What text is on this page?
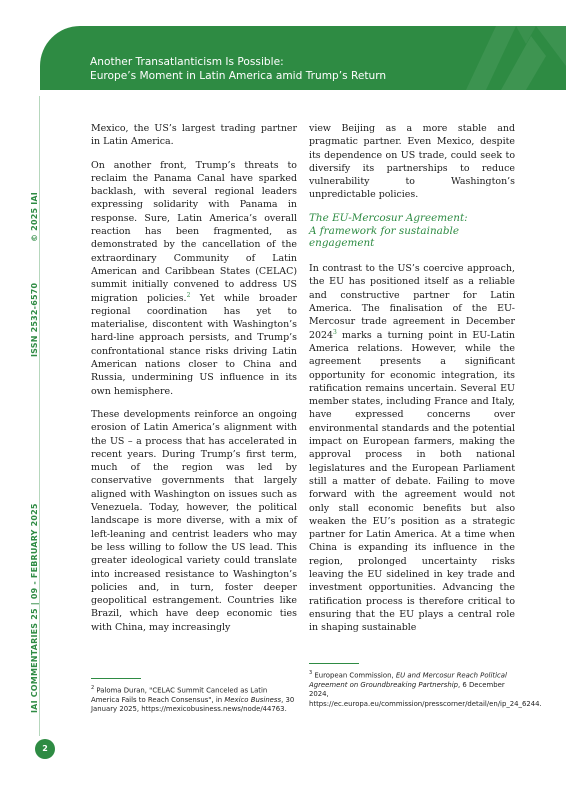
Another Transatlanticism Is Possible:
Europe’s Moment in Latin America amid Trump’s Return
© 2025 IAI
ISSN 2532-6570
IAI COMMENTARIES 25 | 09 - FEBRUARY 2025
2

Mexico, the US’s largest trading partner in Latin America.

On another front, Trump’s threats to reclaim the Panama Canal have sparked backlash, with several regional leaders expressing solidarity with Panama in response. Sure, Latin America’s overall reaction has been fragmented, as demonstrated by the cancellation of the extraordinary Community of Latin American and Caribbean States (CELAC) summit initially convened to address US migration policies.$^2$ Yet while broader regional coordination has yet to materialise, discontent with Washington’s hard-line approach persists, and Trump’s confrontational stance risks driving Latin American nations closer to China and Russia, undermining US influence in its own hemisphere.

These developments reinforce an ongoing erosion of Latin America’s alignment with the US – a process that has accelerated in recent years. During Trump’s first term, much of the region was led by conservative governments that largely aligned with Washington on issues such as Venezuela. Today, however, the political landscape is more diverse, with a mix of left-leaning and centrist leaders who may be less willing to follow the US lead. This greater ideological variety could translate into increased resistance to Washington’s policies and, in turn, foster deeper geopolitical estrangement. Countries like Brazil, which have deep economic ties with China, may increasingly

view Beijing as a more stable and pragmatic partner. Even Mexico, despite its dependence on US trade, could seek to diversify its partnerships to reduce vulnerability to Washington’s unpredictable policies.

The EU-Mercosur Agreement:
A framework for sustainable engagement

In contrast to the US’s coercive approach, the EU has positioned itself as a reliable and constructive partner for Latin America. The finalisation of the EU-Mercosur trade agreement in December 2024$^3$ marks a turning point in EU-Latin America relations. However, while the agreement presents a significant opportunity for economic integration, its ratification remains uncertain. Several EU member states, including France and Italy, have expressed concerns over environmental standards and the potential impact on European farmers, making the approval process in both national legislatures and the European Parliament still a matter of debate. Failing to move forward with the agreement would not only stall economic benefits but also weaken the EU’s position as a strategic partner for Latin America. At a time when China is expanding its influence in the region, prolonged uncertainty risks leaving the EU sidelined in key trade and investment opportunities. Advancing the ratification process is therefore critical to ensuring that the EU plays a central role in shaping sustainable

$^2$ Paloma Duran, "CELAC Summit Canceled as Latin America Fails to Reach Consensus", in Mexico Business, 30 January 2025, https://mexicobusiness.news/node/44763.
$^3$ European Commission, EU and Mercosur Reach Political Agreement on Groundbreaking Partnership, 6 December 2024, https://ec.europa.eu/commission/presscorner/detail/en/ip_24_6244.
